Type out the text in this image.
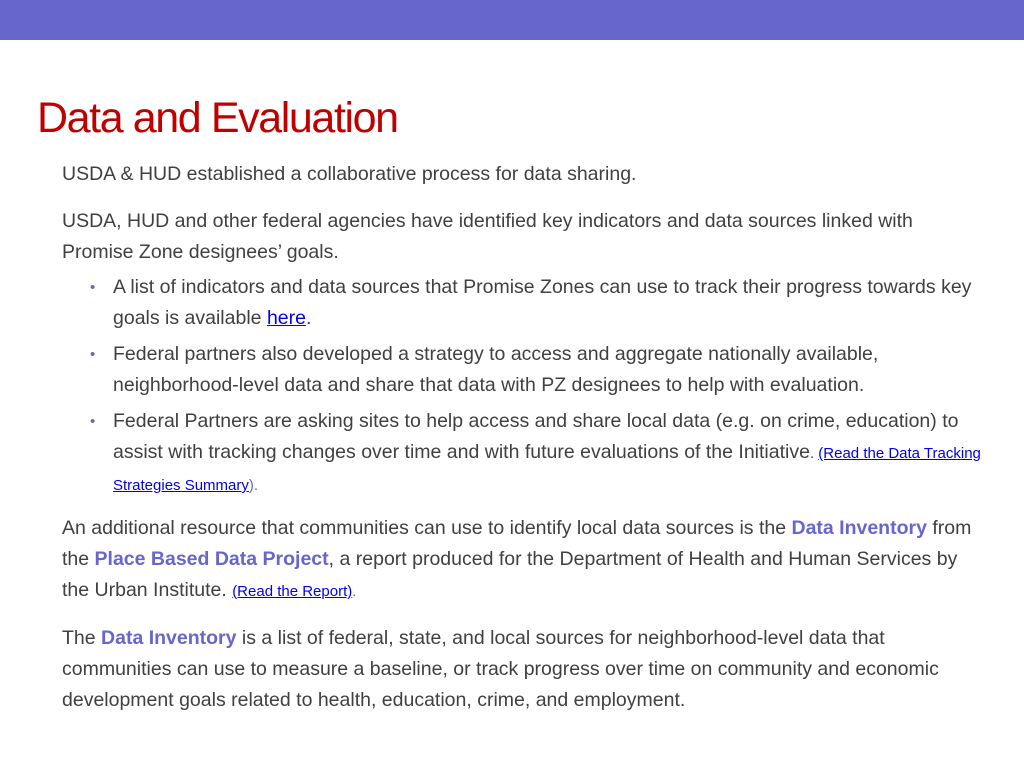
Data and Evaluation

USDA & HUD established a collaborative process for data sharing.

USDA, HUD and other federal agencies have identified key indicators and data sources linked with Promise Zone designees’ goals.

• A list of indicators and data sources that Promise Zones can use to track their progress towards key goals is available here.
• Federal partners also developed a strategy to access and aggregate nationally available, neighborhood-level data and share that data with PZ designees to help with evaluation.
• Federal Partners are asking sites to help access and share local data (e.g. on crime, education) to assist with tracking changes over time and with future evaluations of the Initiative. (Read the Data Tracking Strategies Summary).

An additional resource that communities can use to identify local data sources is the Data Inventory from the Place Based Data Project, a report produced for the Department of Health and Human Services by the Urban Institute. (Read the Report).

The Data Inventory is a list of federal, state, and local sources for neighborhood-level data that communities can use to measure a baseline, or track progress over time on community and economic development goals related to health, education, crime, and employment.
